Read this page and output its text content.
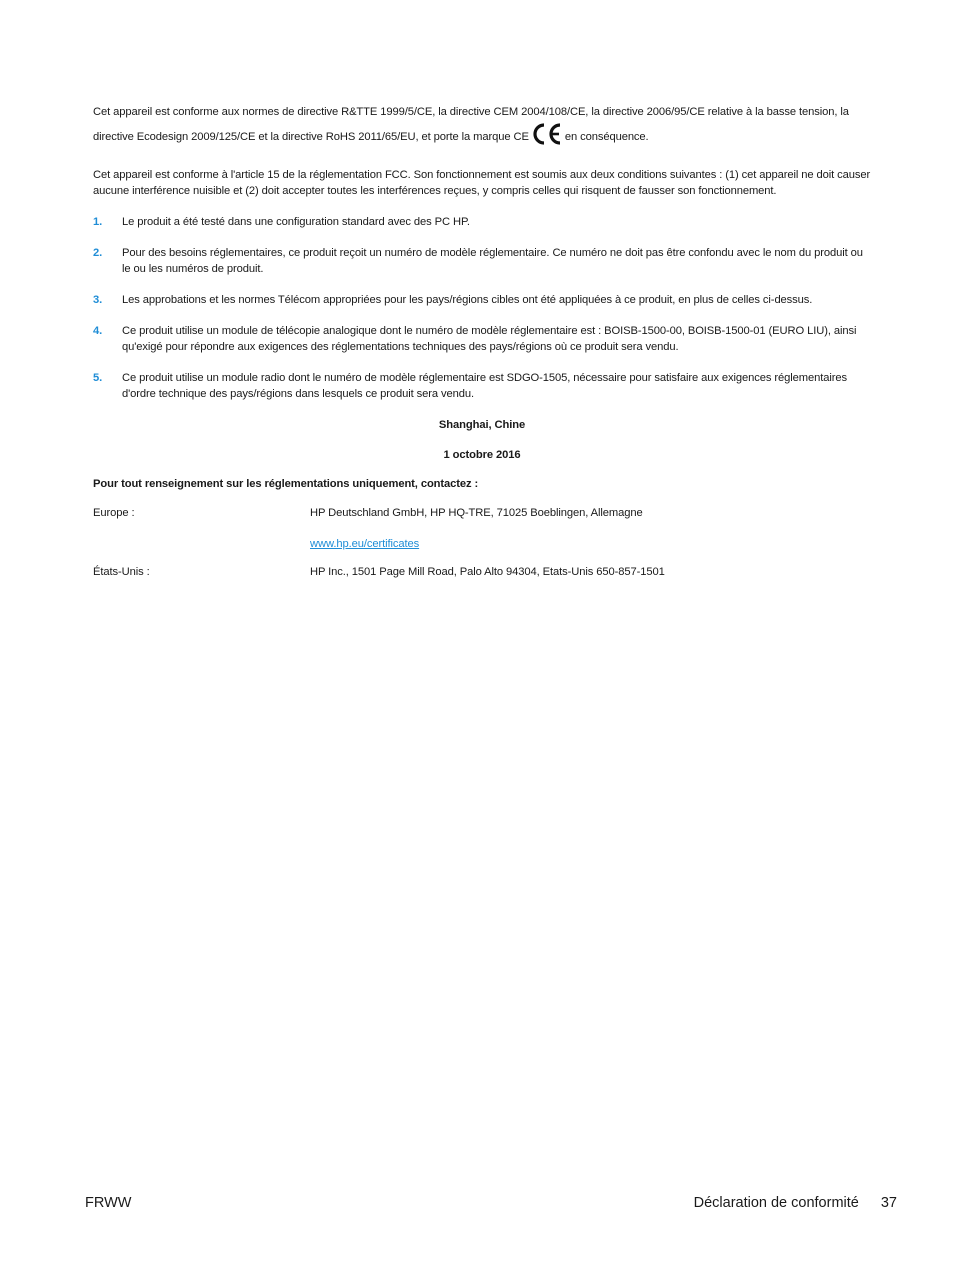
Cet appareil est conforme aux normes de directive R&TTE 1999/5/CE, la directive CEM 2004/108/CE, la directive 2006/95/CE relative à la basse tension, la directive Ecodesign 2009/125/CE et la directive RoHS 2011/65/EU, et porte la marque CE	en conséquence.

Cet appareil est conforme à l'article 15 de la réglementation FCC. Son fonctionnement est soumis aux deux conditions suivantes : (1) cet appareil ne doit causer aucune interférence nuisible et (2) doit accepter toutes les interférences reçues, y compris celles qui risquent de fausser son fonctionnement.

1. Le produit a été testé dans une configuration standard avec des PC HP.
2. Pour des besoins réglementaires, ce produit reçoit un numéro de modèle réglementaire. Ce numéro ne doit pas être confondu avec le nom du produit ou le ou les numéros de produit.
3. Les approbations et les normes Télécom appropriées pour les pays/régions cibles ont été appliquées à ce produit, en plus de celles ci-dessus.
4. Ce produit utilise un module de télécopie analogique dont le numéro de modèle réglementaire est : BOISB-1500-00, BOISB-1500-01 (EURO LIU), ainsi qu'exigé pour répondre aux exigences des réglementations techniques des pays/régions où ce produit sera vendu.
5. Ce produit utilise un module radio dont le numéro de modèle réglementaire est SDGO-1505, nécessaire pour satisfaire aux exigences réglementaires d'ordre technique des pays/régions dans lesquels ce produit sera vendu.

Shanghai, Chine

1 octobre 2016

Pour tout renseignement sur les réglementations uniquement, contactez :

Europe :	HP Deutschland GmbH, HP HQ-TRE, 71025 Boeblingen, Allemagne
www.hp.eu/certificates
États-Unis :	HP Inc., 1501 Page Mill Road, Palo Alto 94304, Etats-Unis 650-857-1501
FRWW	Déclaration de conformité 37
